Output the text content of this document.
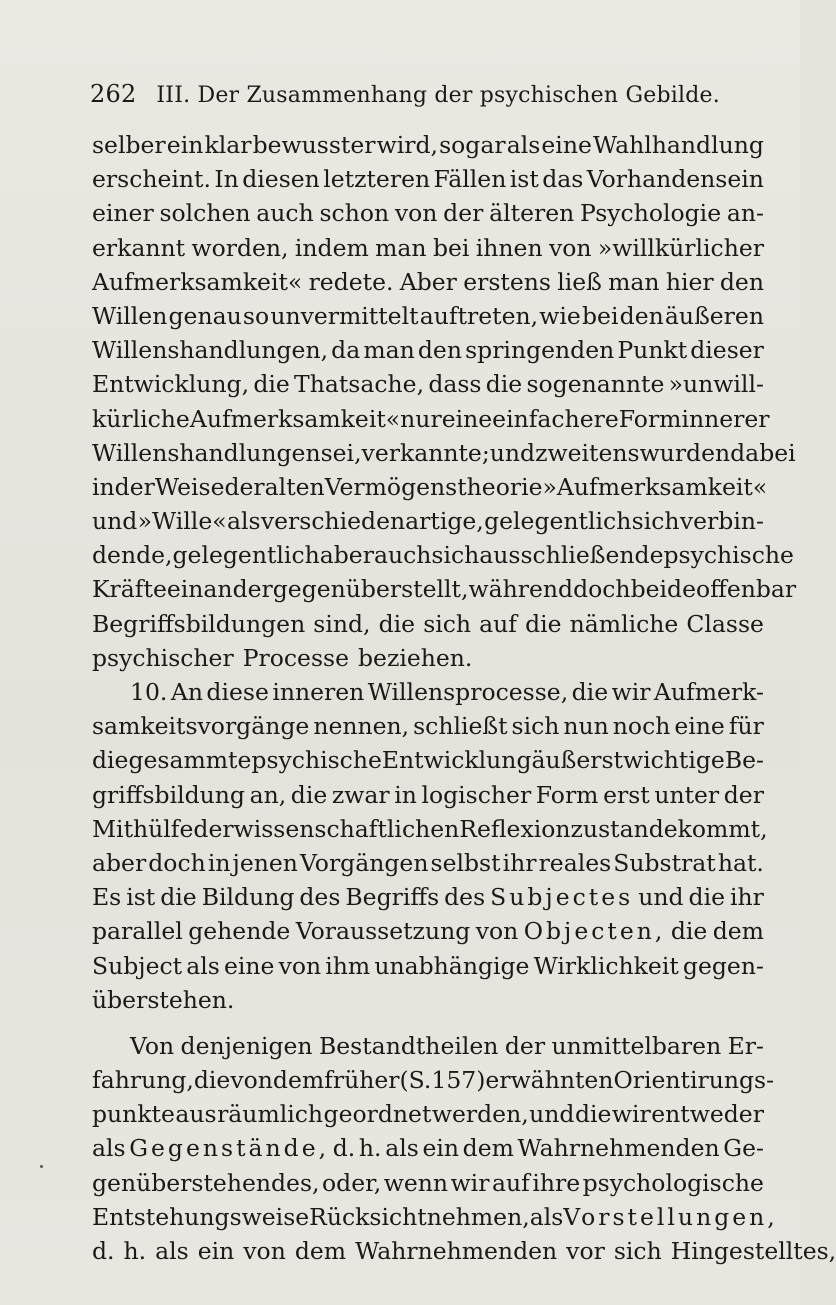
262 III. Der Zusammenhang der psychischen Gebilde.
selber ein klar bewusster wird, sogar als eine Wahlhandlung
erscheint. In diesen letzteren Fällen ist das Vorhandensein
einer solchen auch schon von der älteren Psychologie an-
erkannt worden, indem man bei ihnen von »willkürlicher
Aufmerksamkeit« redete. Aber erstens ließ man hier den
Willen genau so unvermittelt auftreten, wie bei den äußeren
Willenshandlungen, da man den springenden Punkt dieser
Entwicklung, die Thatsache, dass die sogenannte »unwill-
kürliche Aufmerksamkeit« nur eine einfachere Form innerer
Willenshandlungen sei, verkannte; und zweitens wurden dabei
in der Weise der alten Vermögenstheorie »Aufmerksamkeit«
und »Wille« als verschiedenartige, gelegentlich sich verbin-
dende, gelegentlich aber auch sich ausschließende psychische
Kräfte einander gegenüberstellt, während doch beide offenbar
Begriffsbildungen sind, die sich auf die nämliche Classe
psychischer Processe beziehen.
10. An diese inneren Willensprocesse, die wir Aufmerk-
samkeitsvorgänge nennen, schließt sich nun noch eine für
die gesammte psychische Entwicklung äußerst wichtige Be-
griffsbildung an, die zwar in logischer Form erst unter der
Mithülfe der wissenschaftlichen Reflexion zu stande kommt,
aber doch in jenen Vorgängen selbst ihr reales Substrat hat.
Es ist die Bildung des Begriffs des Subjectes und die ihr
parallel gehende Voraussetzung von Objecten, die dem
Subject als eine von ihm unabhängige Wirklichkeit gegen-
überstehen.
Von denjenigen Bestandtheilen der unmittelbaren Er-
fahrung, die von dem früher (S. 157) erwähnten Orientirungs-
punkte aus räumlich geordnet werden, und die wir entweder
als Gegenstände, d. h. als ein dem Wahrnehmenden Ge-
genüberstehendes, oder, wenn wir auf ihre psychologische
Entstehungsweise Rücksicht nehmen, als Vorstellungen,
d. h. als ein von dem Wahrnehmenden vor sich Hingestelltes,
